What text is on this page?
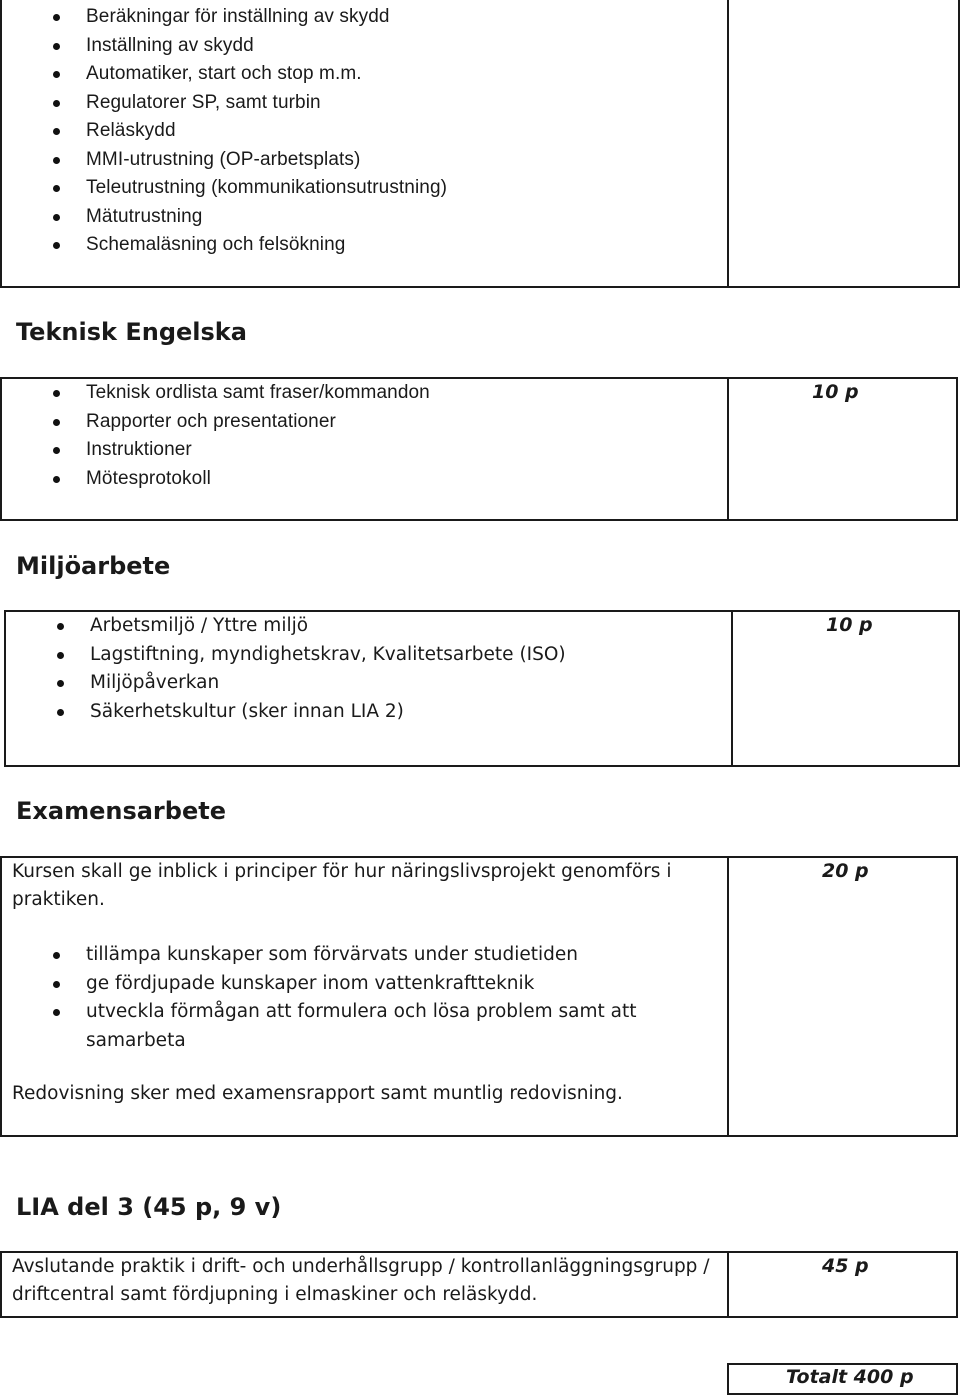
Beräkningar för inställning av skydd
Inställning av skydd
Automatiker, start och stop m.m.
Regulatorer SP, samt turbin
Reläskydd
MMI-utrustning (OP-arbetsplats)
Teleutrustning (kommunikationsutrustning)
Mätutrustning
Schemaläsning och felsökning
Teknisk Engelska
Teknisk ordlista samt fraser/kommandon
Rapporter och presentationer
Instruktioner
Mötesprotokoll
10 p
Miljöarbete
Arbetsmiljö / Yttre miljö
Lagstiftning, myndighetskrav, Kvalitetsarbete (ISO)
Miljöpåverkan
Säkerhetskultur (sker innan LIA 2)
10 p
Examensarbete
Kursen skall ge inblick i principer för hur näringslivsprojekt genomförs i praktiken.
tillämpa kunskaper som förvärvats under studietiden
ge fördjupade kunskaper inom vattenkraftteknik
utveckla förmågan att formulera och lösa problem samt att samarbeta
Redovisning sker med examensrapport samt muntlig redovisning.
20 p
LIA del 3 (45 p, 9 v)
Avslutande praktik i drift- och underhållsgrupp / kontrollanläggningsgrupp / driftcentral samt fördjupning i elmaskiner och reläskydd.
45 p
Totalt 400 p
